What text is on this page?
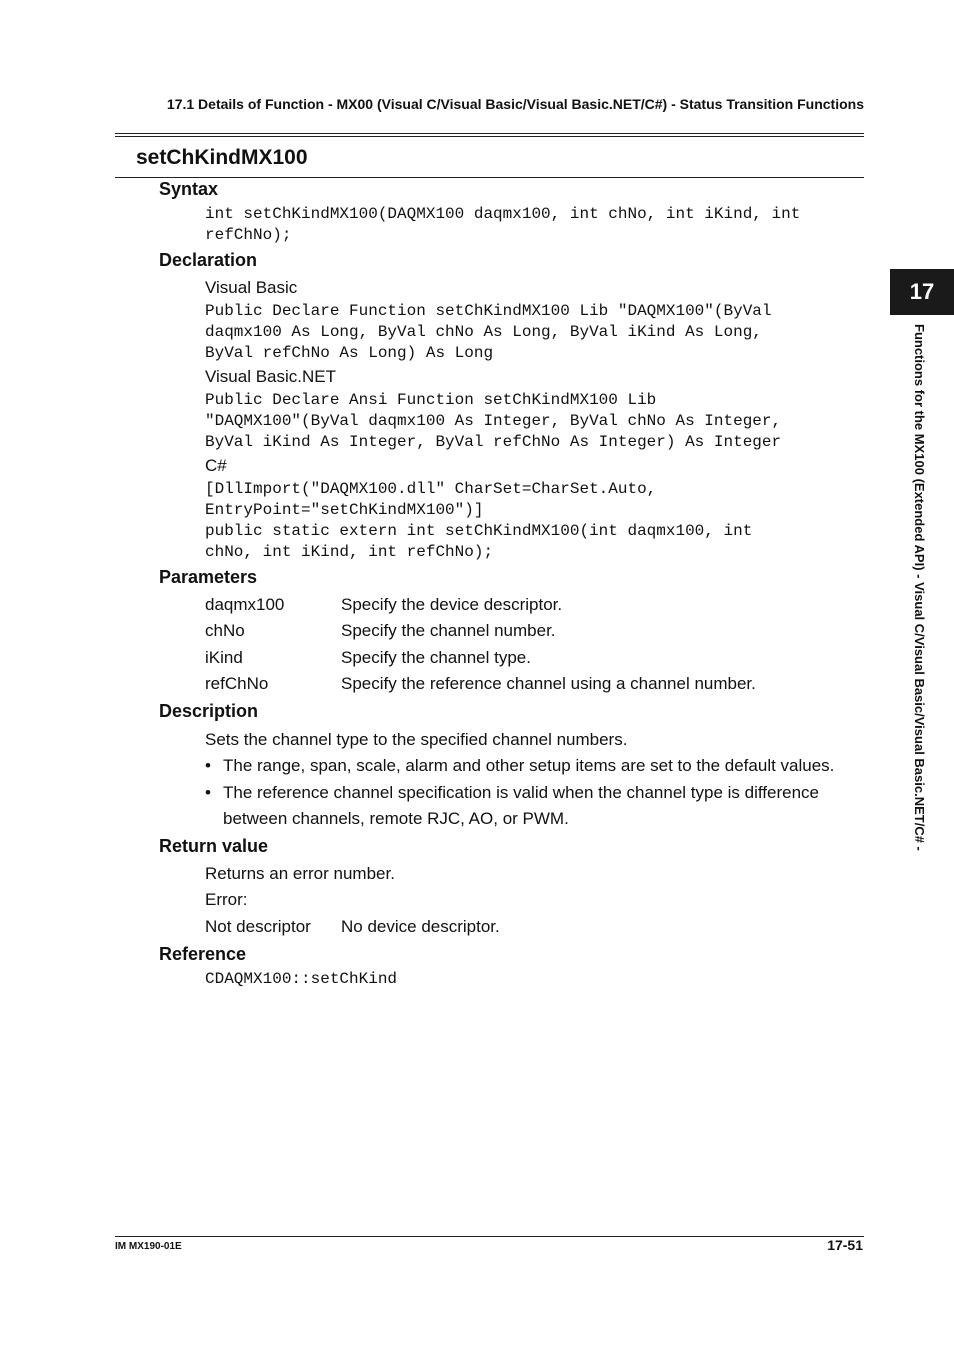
17.1 Details of Function - MX00 (Visual C/Visual Basic/Visual Basic.NET/C#) - Status Transition Functions
setChKindMX100
Syntax
int setChKindMX100(DAQMX100 daqmx100, int chNo, int iKind, int
refChNo);
Declaration
Visual Basic
Public Declare Function setChKindMX100 Lib "DAQMX100"(ByVal
daqmx100 As Long, ByVal chNo As Long, ByVal iKind As Long,
ByVal refChNo As Long) As Long
Visual Basic.NET
Public Declare Ansi Function setChKindMX100 Lib
"DAQMX100"(ByVal daqmx100 As Integer, ByVal chNo As Integer,
ByVal iKind As Integer, ByVal refChNo As Integer) As Integer
C#
[DllImport("DAQMX100.dll" CharSet=CharSet.Auto,
EntryPoint="setChKindMX100")]
public static extern int setChKindMX100(int daqmx100, int
chNo, int iKind, int refChNo);
Parameters
daqmx100	Specify the device descriptor.
chNo	Specify the channel number.
iKind	Specify the channel type.
refChNo	Specify the reference channel using a channel number.
Description
Sets the channel type to the specified channel numbers.
• The range, span, scale, alarm and other setup items are set to the default values.
• The reference channel specification is valid when the channel type is difference between channels, remote RJC, AO, or PWM.
Return value
Returns an error number.
Error:
Not descriptor No device descriptor.
Reference
CDAQMX100::setChKind
17
Functions for the MX100 (Extended API) - Visual C/Visual Basic/Visual Basic.NET/C# -
IM MX190-01E	17-51
